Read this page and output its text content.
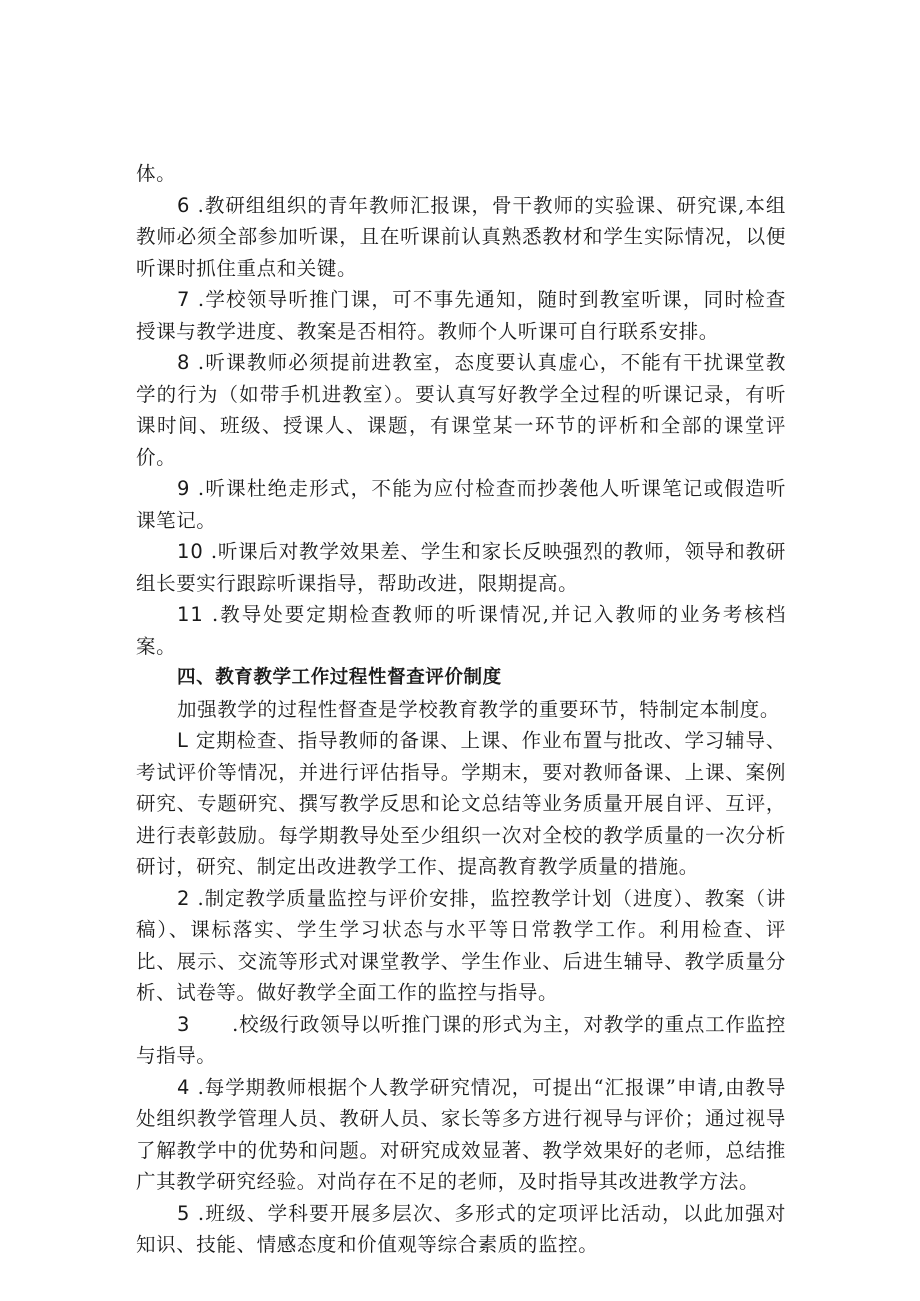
体。

6 .教研组组织的青年教师汇报课，骨干教师的实验课、研究课,本组教师必须全部参加听课，且在听课前认真熟悉教材和学生实际情况，以便听课时抓住重点和关键。

7 .学校领导听推门课，可不事先通知，随时到教室听课，同时检查授课与教学进度、教案是否相符。教师个人听课可自行联系安排。

8 .听课教师必须提前进教室，态度要认真虚心，不能有干扰课堂教学的行为（如带手机进教室）。要认真写好教学全过程的听课记录，有听课时间、班级、授课人、课题，有课堂某一环节的评析和全部的课堂评价。

9 .听课杜绝走形式，不能为应付检查而抄袭他人听课笔记或假造听课笔记。

10 .听课后对教学效果差、学生和家长反映强烈的教师，领导和教研组长要实行跟踪听课指导，帮助改进，限期提高。

11 .教导处要定期检查教师的听课情况,并记入教师的业务考核档案。

四、教育教学工作过程性督查评价制度

加强教学的过程性督查是学校教育教学的重要环节，特制定本制度。

L 定期检查、指导教师的备课、上课、作业布置与批改、学习辅导、考试评价等情况，并进行评估指导。学期末，要对教师备课、上课、案例研究、专题研究、撰写教学反思和论文总结等业务质量开展自评、互评，进行表彰鼓励。每学期教导处至少组织一次对全校的教学质量的一次分析研讨，研究、制定出改进教学工作、提高教育教学质量的措施。

2 .制定教学质量监控与评价安排，监控教学计划（进度）、教案（讲稿）、课标落实、学生学习状态与水平等日常教学工作。利用检查、评比、展示、交流等形式对课堂教学、学生作业、后进生辅导、教学质量分析、试卷等。做好教学全面工作的监控与指导。

3      .校级行政领导以听推门课的形式为主，对教学的重点工作监控与指导。

4 .每学期教师根据个人教学研究情况，可提出“汇报课”申请,由教导处组织教学管理人员、教研人员、家长等多方进行视导与评价；通过视导了解教学中的优势和问题。对研究成效显著、教学效果好的老师，总结推广其教学研究经验。对尚存在不足的老师，及时指导其改进教学方法。

5 .班级、学科要开展多层次、多形式的定项评比活动，以此加强对知识、技能、情感态度和价值观等综合素质的监控。
